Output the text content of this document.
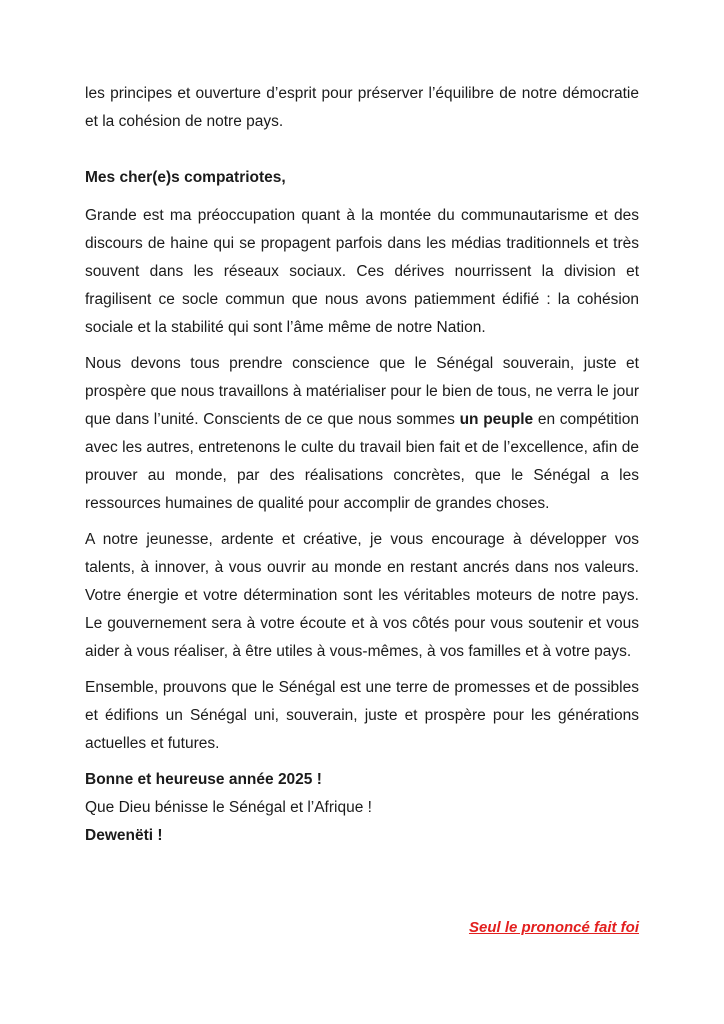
les principes et ouverture d’esprit pour préserver l’équilibre de notre démocratie et la cohésion de notre pays.

Mes cher(e)s compatriotes,

Grande est ma préoccupation quant à la montée du communautarisme et des discours de haine qui se propagent parfois dans les médias traditionnels et très souvent dans les réseaux sociaux. Ces dérives nourrissent la division et fragilisent ce socle commun que nous avons patiemment édifié : la cohésion sociale et la stabilité qui sont l’âme même de notre Nation.

Nous devons tous prendre conscience que le Sénégal souverain, juste et prospère que nous travaillons à matérialiser pour le bien de tous, ne verra le jour que dans l’unité. Conscients de ce que nous sommes un peuple en compétition avec les autres, entretenons le culte du travail bien fait et de l’excellence, afin de prouver au monde, par des réalisations concrètes, que le Sénégal a les ressources humaines de qualité pour accomplir de grandes choses.

A notre jeunesse, ardente et créative, je vous encourage à développer vos talents, à innover, à vous ouvrir au monde en restant ancrés dans nos valeurs. Votre énergie et votre détermination sont les véritables moteurs de notre pays. Le gouvernement sera à votre écoute et à vos côtés pour vous soutenir et vous aider à vous réaliser, à être utiles à vous-mêmes, à vos familles et à votre pays.

Ensemble, prouvons que le Sénégal est une terre de promesses et de possibles et édifions un Sénégal uni, souverain, juste et prospère pour les générations actuelles et futures.

Bonne et heureuse année 2025 !

Que Dieu bénisse le Sénégal et l’Afrique !

Dewenëti !

Seul le prononcé fait foi
